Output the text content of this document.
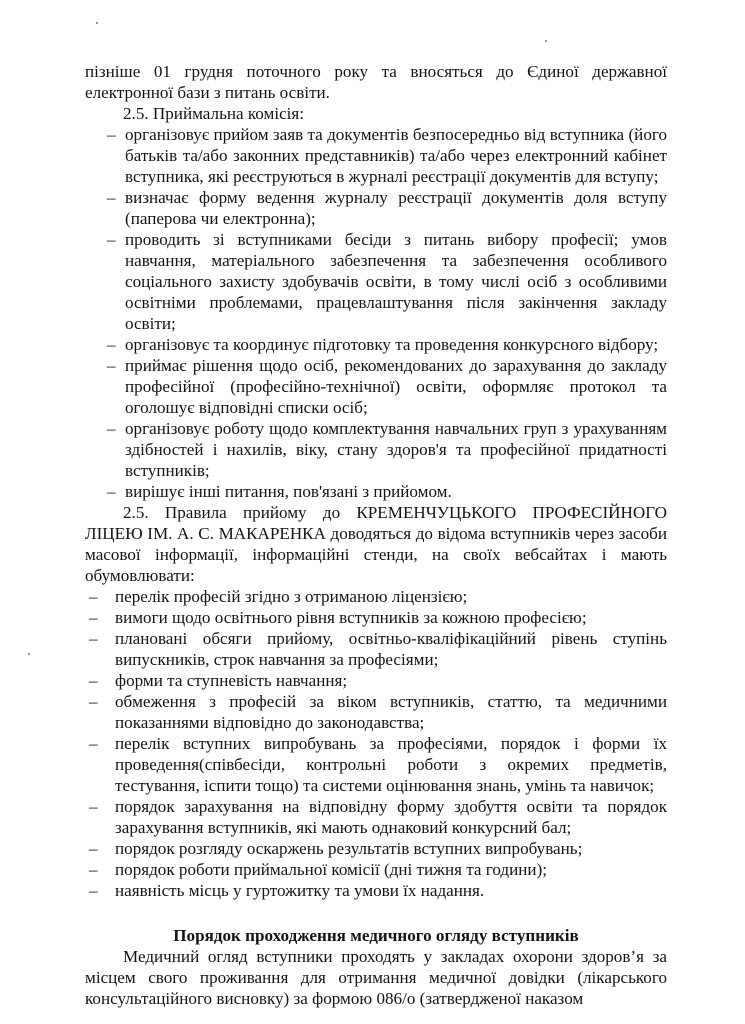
пізніше 01 грудня поточного року та вносяться до Єдиної державної електронної бази з питань освіти.

2.5. Приймальна комісія:

– організовує прийом заяв та документів безпосередньо від вступника (його батьків та/або законних представників) та/або через електронний кабінет вступника, які реєструються в журналі реєстрації документів для вступу;
– визначає форму ведення журналу реєстрації документів доля вступу (паперова чи електронна);
– проводить зі вступниками бесіди з питань вибору професії; умов навчання, матеріального забезпечення та забезпечення особливого соціального захисту здобувачів освіти, в тому числі осіб з особливими освітніми проблемами, працевлаштування після закінчення закладу освіти;
– організовує та координує підготовку та проведення конкурсного відбору;
– приймає рішення щодо осіб, рекомендованих до зарахування до закладу професійної (професійно-технічної) освіти, оформляє протокол та оголошує відповідні списки осіб;
– організовує роботу щодо комплектування навчальних груп з урахуванням здібностей і нахилів, віку, стану здоров'я та професійної придатності вступників;
– вирішує інші питання, пов'язані з прийомом.

2.5. Правила прийому до КРЕМЕНЧУЦЬКОГО ПРОФЕСІЙНОГО ЛІЦЕЮ ІМ. А. С. МАКАРЕНКА доводяться до відома вступників через засоби масової інформації, інформаційні стенди, на своїх вебсайтах і мають обумовлювати:

–	перелік професій згідно з отриманою ліцензією;
–	вимоги щодо освітнього рівня вступників за кожною професією;
–	плановані обсяги прийому, освітньо-кваліфікаційний рівень ступінь випускників, строк навчання за професіями;
–	форми та ступневість навчання;
–	обмеження з професій за віком вступників, статтю, та медичними показаннями відповідно до законодавства;
–	перелік вступних випробувань за професіями, порядок і форми їх проведення(співбесіди, контрольні роботи з окремих предметів, тестування, іспити тощо) та системи оцінювання знань, умінь та навичок;
–	порядок зарахування на відповідну форму здобуття освіти та порядок зарахування вступників, які мають однаковий конкурсний бал;
–	порядок розгляду оскаржень результатів вступних випробувань;
–	порядок роботи приймальної комісії (дні тижня та години);
–	наявність місць у гуртожитку та умови їх надання.

Порядок проходження медичного огляду вступників

Медичний огляд вступники проходять у закладах охорони здоров’я за місцем свого проживання для отримання медичної довідки (лікарського консультаційного висновку) за формою 086/о (затвердженої наказом
